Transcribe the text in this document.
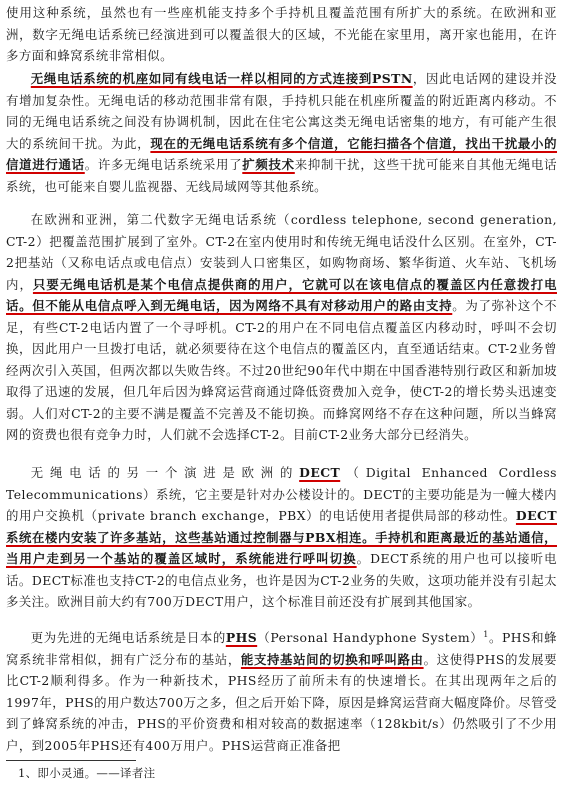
使用这种系统，虽然也有一些座机能支持多个手持机且覆盖范围有所扩大的系统。在欧洲和亚洲，数字无绳电话系统已经演进到可以覆盖很大的区域，不光能在家里用，离开家也能用，在许多方面和蜂窝系统非常相似。

无绳电话系统的机座如同有线电话一样以相同的方式连接到PSTN，因此电话网的建设并没有增加复杂性。无绳电话的移动范围非常有限，手持机只能在机座所覆盖的附近距离内移动。不同的无绳电话系统之间没有协调机制，因此在住宅公寓这类无绳电话密集的地方，有可能产生很大的系统间干扰。为此，现在的无绳电话系统有多个信道，它能扫描各个信道，找出干扰最小的信道进行通话。许多无绳电话系统采用了扩频技术来抑制干扰，这些干扰可能来自其他无绳电话系统，也可能来自婴儿监视器、无线局域网等其他系统。

在欧洲和亚洲，第二代数字无绳电话系统（cordless telephone, second generation, CT-2）把覆盖范围扩展到了室外。CT-2在室内使用时和传统无绳电话没什么区别。在室外，CT-2把基站（又称电话点或电信点）安装到人口密集区，如购物商场、繁华街道、火车站、飞机场内，只要无绳电话机是某个电信点提供商的用户，它就可以在该电信点的覆盖区内任意拨打电话。但不能从电信点呼入到无绳电话，因为网络不具有对移动用户的路由支持。为了弥补这个不足，有些CT-2电话内置了一个寻呼机。CT-2的用户在不同电信点覆盖区内移动时，呼叫不会切换，因此用户一旦拨打电话，就必须要待在这个电信点的覆盖区内，直至通话结束。CT-2业务曾经两次引入英国，但两次都以失败告终。不过20世纪90年代中期在中国香港特别行政区和新加坡取得了迅速的发展，但几年后因为蜂窝运营商通过降低资费加入竞争，使CT-2的增长势头迅速变弱。人们对CT-2的主要不满是覆盖不完善及不能切换。而蜂窝网络不存在这种问题，所以当蜂窝网的资费也很有竞争力时，人们就不会选择CT-2。目前CT-2业务大部分已经消失。

无绳电话的另一个演进是欧洲的DECT（Digital Enhanced Cordless Telecommunications）系统，它主要是针对办公楼设计的。DECT的主要功能是为一幢大楼内的用户交换机（private branch exchange，PBX）的电话使用者提供局部的移动性。DECT系统在楼内安装了许多基站，这些基站通过控制器与PBX相连。手持机和距离最近的基站通信，当用户走到另一个基站的覆盖区域时，系统能进行呼叫切换。DECT系统的用户也可以接听电话。DECT标准也支持CT-2的电信点业务，也许是因为CT-2业务的失败，这项功能并没有引起太多关注。欧洲目前大约有700万DECT用户，这个标准目前还没有扩展到其他国家。

更为先进的无绳电话系统是日本的PHS（Personal Handyphone System）$^1$。PHS和蜂窝系统非常相似，拥有广泛分布的基站，能支持基站间的切换和呼叫路由。这使得PHS的发展要比CT-2顺利得多。作为一种新技术，PHS经历了前所未有的快速增长。在其出现两年之后的1997年，PHS的用户数达700万之多，但之后开始下降，原因是蜂窝运营商大幅度降价。尽管受到了蜂窝系统的冲击，PHS的平价资费和相对较高的数据速率（128kbit/s）仍然吸引了不少用户，到2005年PHS还有400万用户。PHS运营商正准备把

1、即小灵通。——译者注
